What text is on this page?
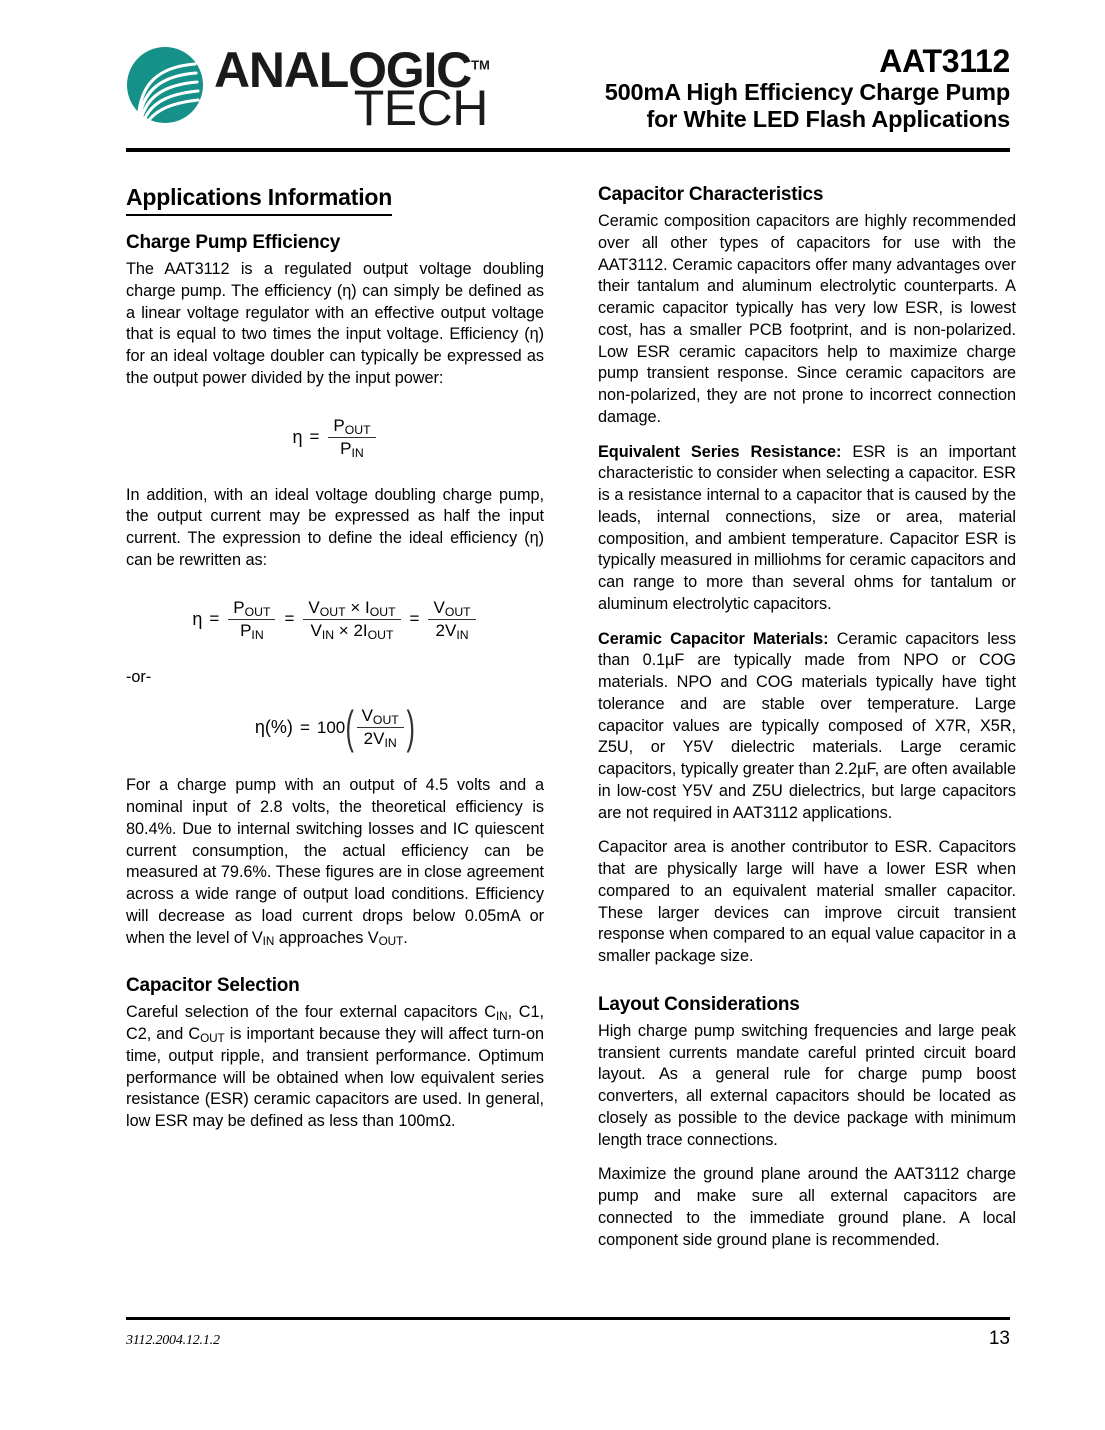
ANALOGIC™
TECH
AAT3112
500mA High Efficiency Charge Pump
for White LED Flash Applications
Applications Information
Charge Pump Efficiency

The AAT3112 is a regulated output voltage doubling charge pump. The efficiency (η) can simply be defined as a linear voltage regulator with an effective output voltage that is equal to two times the input voltage. Efficiency (η) for an ideal voltage doubler can typically be expressed as the output power divided by the input power:

$\eta = \frac{P_{OUT}}{P_{IN}}$

In addition, with an ideal voltage doubling charge pump, the output current may be expressed as half the input current. The expression to define the ideal efficiency (η) can be rewritten as:

$\eta = \frac{P_{OUT}}{P_{IN}} = \frac{V_{OUT} \times I_{OUT}}{V_{IN} \times 2I_{OUT}} = \frac{V_{OUT}}{2V_{IN}}$

-or-

η(%) = 100 ( $\frac{V_{OUT}}{2V_{IN}}$ )

For a charge pump with an output of 4.5 volts and a nominal input of 2.8 volts, the theoretical efficiency is 80.4%. Due to internal switching losses and IC quiescent current consumption, the actual efficiency can be measured at 79.6%. These figures are in close agreement across a wide range of output load conditions. Efficiency will decrease as load current drops below 0.05mA or when the level of $V_{IN}$ approaches $V_{OUT}$.

Capacitor Selection

Careful selection of the four external capacitors $C_{IN}$, C1, C2, and $C_{OUT}$ is important because they will affect turn-on time, output ripple, and transient performance. Optimum performance will be obtained when low equivalent series resistance (ESR) ceramic capacitors are used. In general, low ESR may be defined as less than 100mΩ.

Capacitor Characteristics

Ceramic composition capacitors are highly recommended over all other types of capacitors for use with the AAT3112. Ceramic capacitors offer many advantages over their tantalum and aluminum electrolytic counterparts. A ceramic capacitor typically has very low ESR, is lowest cost, has a smaller PCB footprint, and is non-polarized. Low ESR ceramic capacitors help to maximize charge pump transient response. Since ceramic capacitors are non-polarized, they are not prone to incorrect connection damage.

Equivalent Series Resistance: ESR is an important characteristic to consider when selecting a capacitor. ESR is a resistance internal to a capacitor that is caused by the leads, internal connections, size or area, material composition, and ambient temperature. Capacitor ESR is typically measured in milliohms for ceramic capacitors and can range to more than several ohms for tantalum or aluminum electrolytic capacitors.

Ceramic Capacitor Materials: Ceramic capacitors less than 0.1µF are typically made from NPO or COG materials. NPO and COG materials typically have tight tolerance and are stable over temperature. Large capacitor values are typically composed of X7R, X5R, Z5U, or Y5V dielectric materials. Large ceramic capacitors, typically greater than 2.2µF, are often available in low-cost Y5V and Z5U dielectrics, but large capacitors are not required in AAT3112 applications.

Capacitor area is another contributor to ESR. Capacitors that are physically large will have a lower ESR when compared to an equivalent material smaller capacitor. These larger devices can improve circuit transient response when compared to an equal value capacitor in a smaller package size.

Layout Considerations

High charge pump switching frequencies and large peak transient currents mandate careful printed circuit board layout. As a general rule for charge pump boost converters, all external capacitors should be located as closely as possible to the device package with minimum length trace connections.

Maximize the ground plane around the AAT3112 charge pump and make sure all external capacitors are connected to the immediate ground plane. A local component side ground plane is recommended.

3112.2004.12.1.2	13
